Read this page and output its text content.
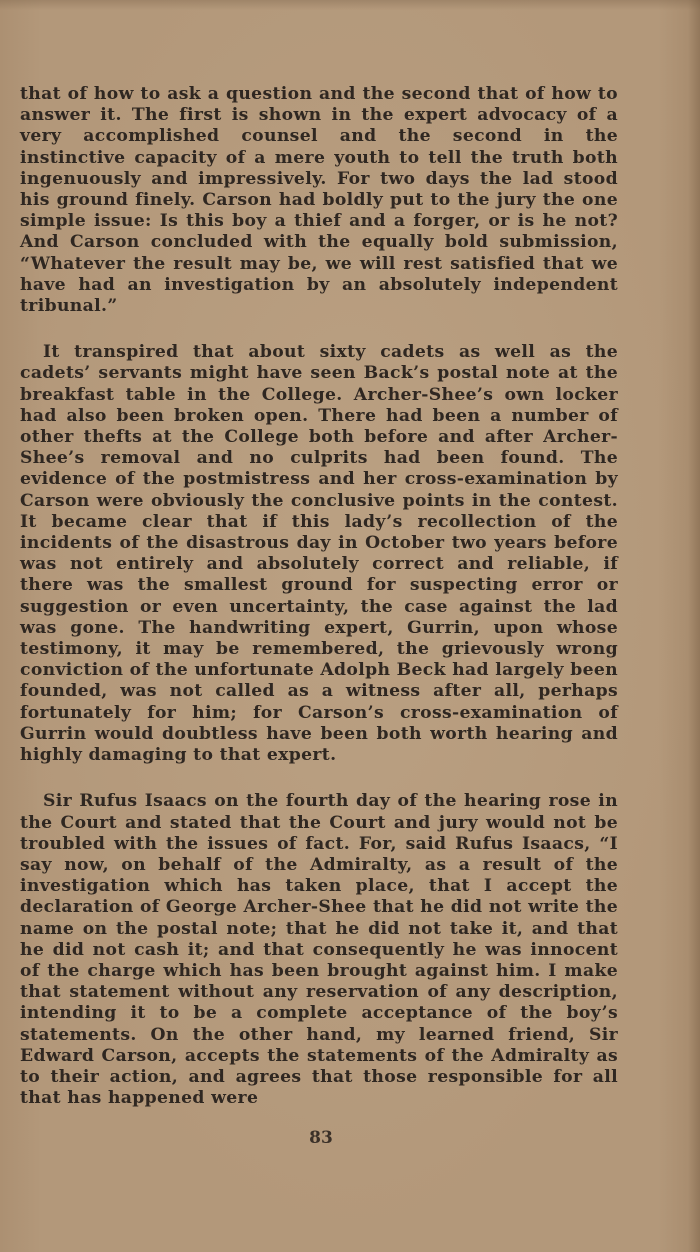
that of how to ask a question and the second that of how to answer it. The first is shown in the expert advocacy of a very accomplished counsel and the second in the instinctive capacity of a mere youth to tell the truth both ingenuously and impressively. For two days the lad stood his ground finely. Carson had boldly put to the jury the one simple issue: Is this boy a thief and a forger, or is he not? And Carson concluded with the equally bold submission, “Whatever the result may be, we will rest satisfied that we have had an investigation by an absolutely independent tribunal.”

It transpired that about sixty cadets as well as the cadets’ servants might have seen Back’s postal note at the breakfast table in the College. Archer-Shee’s own locker had also been broken open. There had been a number of other thefts at the College both before and after Archer-Shee’s removal and no culprits had been found. The evidence of the postmistress and her cross-examination by Carson were obviously the conclusive points in the contest. It became clear that if this lady’s recollection of the incidents of the disastrous day in October two years before was not entirely and absolutely correct and reliable, if there was the smallest ground for suspecting error or suggestion or even uncertainty, the case against the lad was gone. The handwriting expert, Gurrin, upon whose testimony, it may be remembered, the grievously wrong conviction of the unfortunate Adolph Beck had largely been founded, was not called as a witness after all, perhaps fortunately for him; for Carson’s cross-examination of Gurrin would doubtless have been both worth hearing and highly damaging to that expert.

Sir Rufus Isaacs on the fourth day of the hearing rose in the Court and stated that the Court and jury would not be troubled with the issues of fact. For, said Rufus Isaacs, “I say now, on behalf of the Admiralty, as a result of the investigation which has taken place, that I accept the declaration of George Archer-Shee that he did not write the name on the postal note; that he did not take it, and that he did not cash it; and that consequently he was innocent of the charge which has been brought against him. I make that statement without any reservation of any description, intending it to be a complete acceptance of the boy’s statements. On the other hand, my learned friend, Sir Edward Carson, accepts the statements of the Admiralty as to their action, and agrees that those responsible for all that has happened were

83
